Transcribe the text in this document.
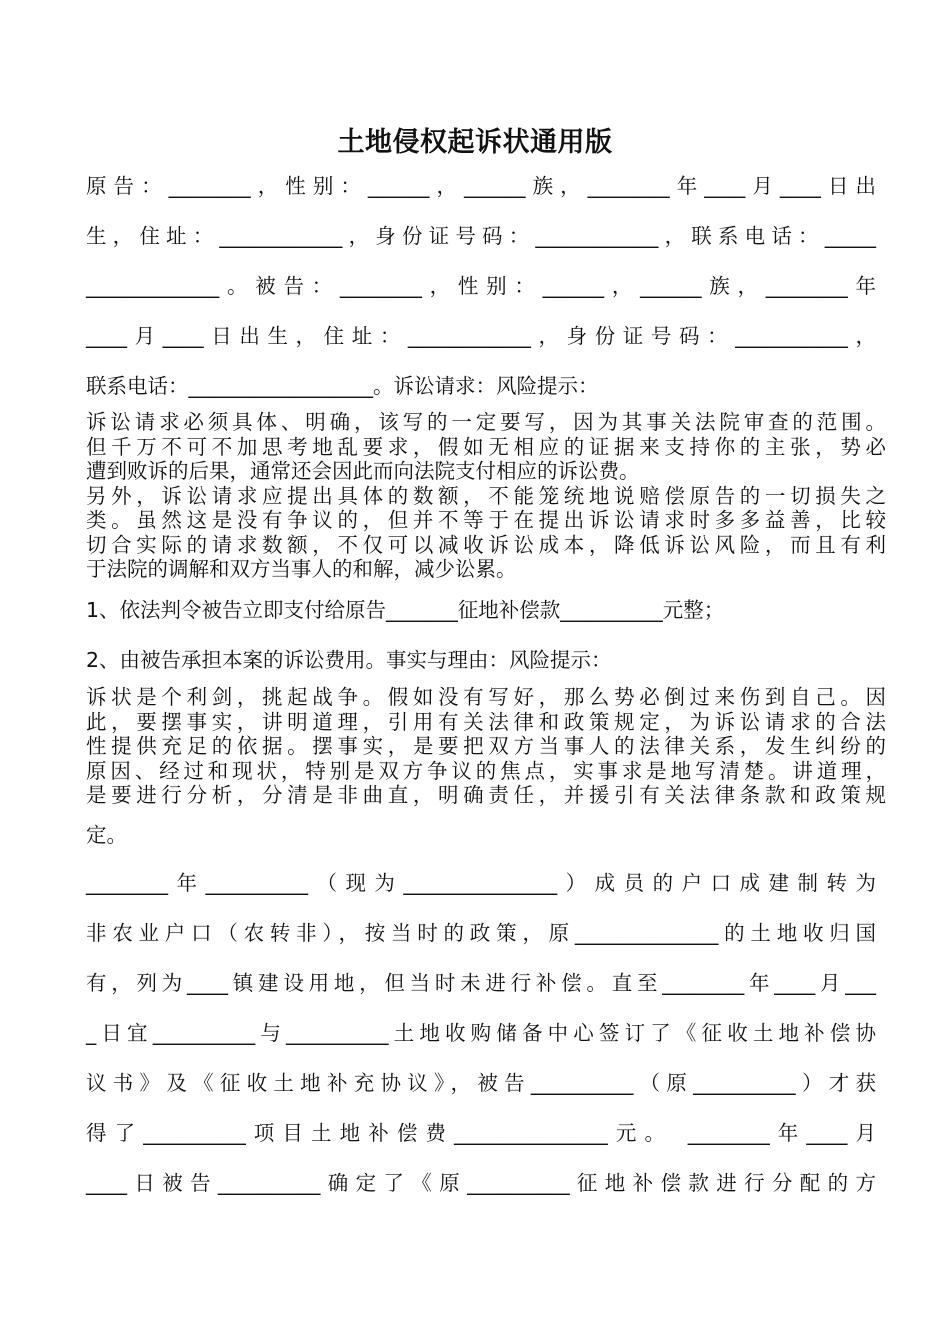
土地侵权起诉状通用版

原告：________，性别：______，______族，________年____月____日出

生，住址：____________，身份证号码：____________，联系电话：_____

_____________。被告：________，性别：______，______族，________年

____月____日出生，住址：____________，身份证号码：___________，

联系电话：__________________。诉讼请求：风险提示：

诉讼请求必须具体、明确，该写的一定要写，因为其事关法院审查的范围。

但千万不可不加思考地乱要求，假如无相应的证据来支持你的主张，势必

遭到败诉的后果，通常还会因此而向法院支付相应的诉讼费。

另外，诉讼请求应提出具体的数额，不能笼统地说赔偿原告的一切损失之

类。虽然这是没有争议的，但并不等于在提出诉讼请求时多多益善，比较

切合实际的请求数额，不仅可以减收诉讼成本，降低诉讼风险，而且有利

于法院的调解和双方当事人的和解，减少讼累。

1、依法判令被告立即支付给原告_______征地补偿款__________元整；

2、由被告承担本案的诉讼费用。事实与理由：风险提示：

诉状是个利剑，挑起战争。假如没有写好，那么势必倒过来伤到自己。因

此，要摆事实，讲明道理，引用有关法律和政策规定，为诉讼请求的合法

性提供充足的依据。摆事实，是要把双方当事人的法律关系，发生纠纷的

原因、经过和现状，特别是双方争议的焦点，实事求是地写清楚。讲道理，

是要进行分析，分清是非曲直，明确责任，并援引有关法律条款和政策规

定。

________年__________（现为_______________）成员的户口成建制转为

非农业户口（农转非），按当时的政策，原______________的土地收归国

有，列为____镇建设用地，但当时未进行补偿。直至________年____月___

_日宜__________与__________土地收购储备中心签订了《征收土地补偿协

议书》及《征收土地补充协议》，被告__________（原__________）才获

得了__________项目土地补偿费_______________元。 ________年____月

____日被告__________确定了《原__________征地补偿款进行分配的方
